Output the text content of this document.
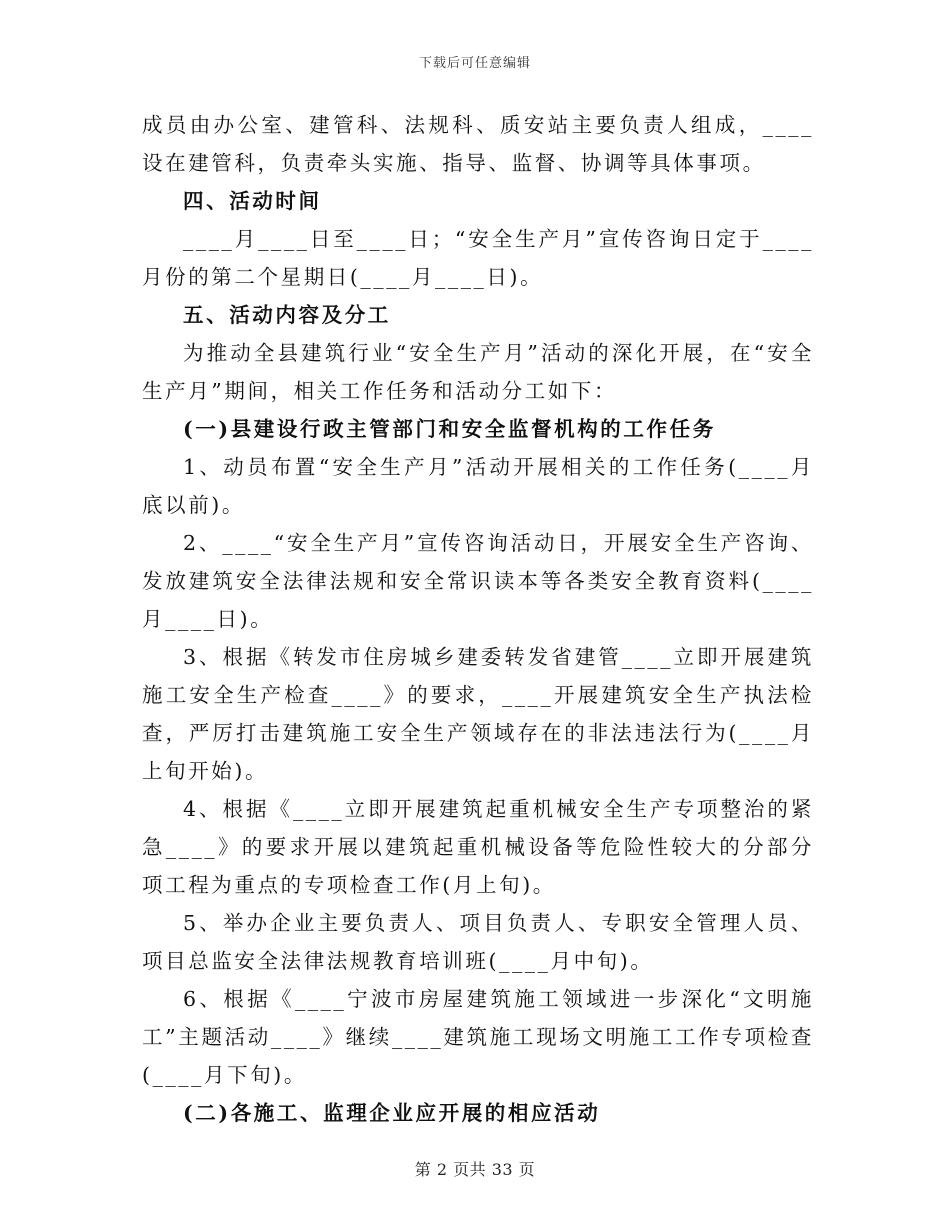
下载后可任意编辑

成员由办公室、建管科、法规科、质安站主要负责人组成，____设在建管科，负责牵头实施、指导、监督、协调等具体事项。

四、活动时间

____月____日至____日；“安全生产月”宣传咨询日定于____月份的第二个星期日(____月____日)。

五、活动内容及分工

为推动全县建筑行业“安全生产月”活动的深化开展，在“安全生产月”期间，相关工作任务和活动分工如下：

(一)县建设行政主管部门和安全监督机构的工作任务

1、动员布置“安全生产月”活动开展相关的工作任务(____月底以前)。

2、____“安全生产月”宣传咨询活动日，开展安全生产咨询、发放建筑安全法律法规和安全常识读本等各类安全教育资料(____月____日)。

3、根据《转发市住房城乡建委转发省建管____立即开展建筑施工安全生产检查____》的要求，____开展建筑安全生产执法检查，严厉打击建筑施工安全生产领域存在的非法违法行为(____月上旬开始)。

4、根据《____立即开展建筑起重机械安全生产专项整治的紧急____》的要求开展以建筑起重机械设备等危险性较大的分部分项工程为重点的专项检查工作(月上旬)。

5、举办企业主要负责人、项目负责人、专职安全管理人员、项目总监安全法律法规教育培训班(____月中旬)。

6、根据《____宁波市房屋建筑施工领域进一步深化“文明施工”主题活动____》继续____建筑施工现场文明施工工作专项检查(____月下旬)。

(二)各施工、监理企业应开展的相应活动

第 2 页共 33 页
